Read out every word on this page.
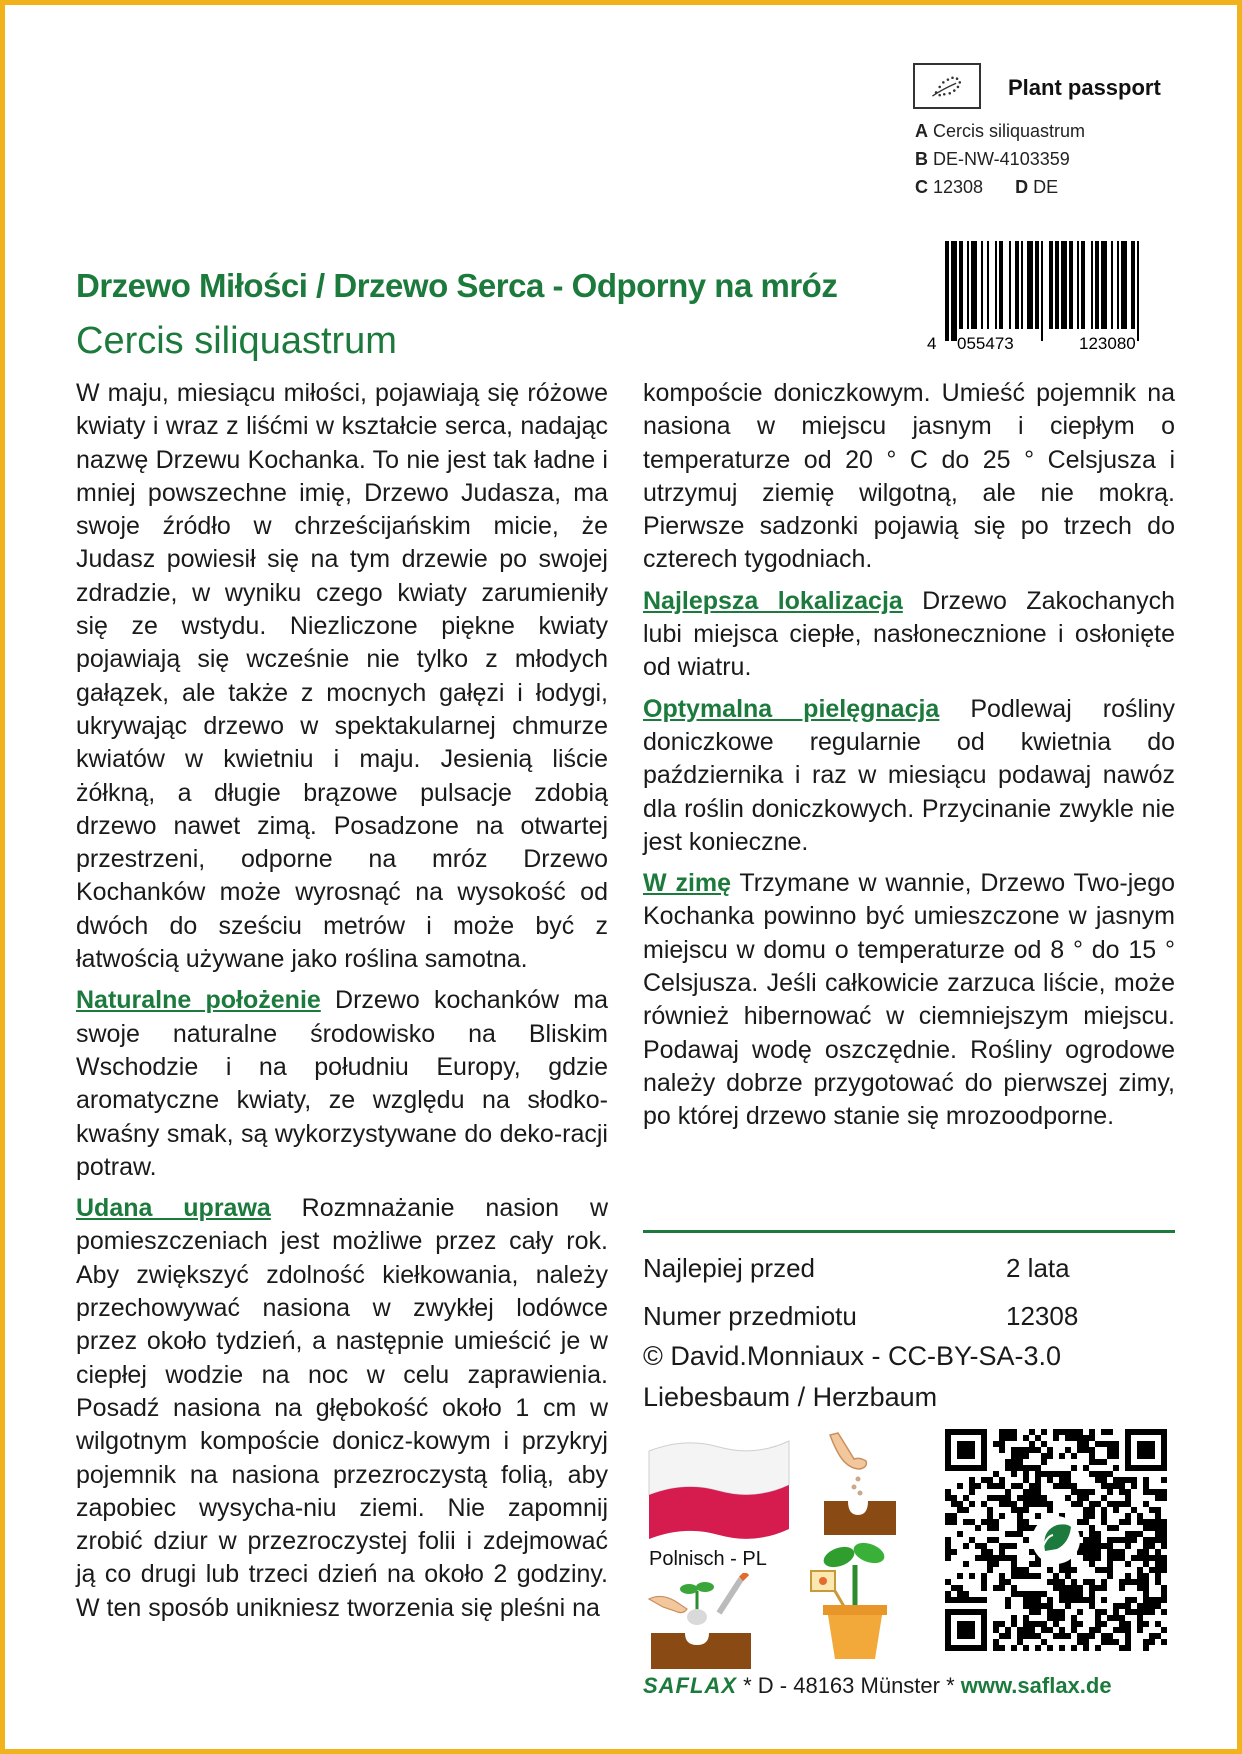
Plant passport
A Cercis siliquastrum
B DE-NW-4103359
C 12308 D DE
4 055473	123080
Drzewo Miłości / Drzewo Serca - Odporny na mróz
Cercis siliquastrum

W maju, miesiącu miłości, pojawiają się różowe kwiaty i wraz z liśćmi w kształcie serca, nadając nazwę Drzewu Kochanka. To nie jest tak ładne i mniej powszechne imię, Drzewo Judasza, ma swoje źródło w chrześcijańskim micie, że Judasz powiesił się na tym drzewie po swojej zdradzie, w wyniku czego kwiaty zarumieniły się ze wstydu. Niezliczone piękne kwiaty pojawiają się wcześnie nie tylko z młodych gałązek, ale także z mocnych gałęzi i łodygi, ukrywając drzewo w spektakularnej chmurze kwiatów w kwietniu i maju. Jesienią liście żółkną, a długie brązowe pulsacje zdobią drzewo nawet zimą. Posadzone na otwartej przestrzeni, odporne na mróz Drzewo Kochanków może wyrosnąć na wysokość od dwóch do sześciu metrów i może być z łatwością używane jako roślina samotna.

Naturalne położenie Drzewo kochanków ma swoje naturalne środowisko na Bliskim Wschodzie i na południu Europy, gdzie aromatyczne kwiaty, ze względu na słodko-kwaśny smak, są wykorzystywane do deko-racji potraw.

Udana uprawa Rozmnażanie nasion w pomieszczeniach jest możliwe przez cały rok. Aby zwiększyć zdolność kiełkowania, należy przechowywać nasiona w zwykłej lodówce przez około tydzień, a następnie umieścić je w ciepłej wodzie na noc w celu zaprawienia. Posadź nasiona na głębokość około 1 cm w wilgotnym kompoście donicz-kowym i przykryj pojemnik na nasiona przezroczystą folią, aby zapobiec wysycha-niu ziemi. Nie zapomnij zrobić dziur w przezroczystej folii i zdejmować ją co drugi lub trzeci dzień na około 2 godziny. W ten sposób unikniesz tworzenia się pleśni na

kompoście doniczkowym. Umieść pojemnik na nasiona w miejscu jasnym i ciepłym o temperaturze od 20 ° C do 25 ° Celsjusza i utrzymuj ziemię wilgotną, ale nie mokrą. Pierwsze sadzonki pojawią się po trzech do czterech tygodniach.

Najlepsza lokalizacja Drzewo Zakochanych lubi miejsca ciepłe, nasłonecznione i osłonięte od wiatru.

Optymalna pielęgnacja Podlewaj rośliny doniczkowe regularnie od kwietnia do października i raz w miesiącu podawaj nawóz dla roślin doniczkowych. Przycinanie zwykle nie jest konieczne.

W zimę Trzymane w wannie, Drzewo Two-jego Kochanka powinno być umieszczone w jasnym miejscu w domu o temperaturze od 8 ° do 15 ° Celsjusza. Jeśli całkowicie zarzuca liście, może również hibernować w ciemniejszym miejscu. Podawaj wodę oszczędnie. Rośliny ogrodowe należy dobrze przygotować do pierwszej zimy, po której drzewo stanie się mrozoodporne.

Najlepiej przed	2 lata
Numer przedmiotu	12308
© David.Monniaux - CC-BY-SA-3.0
Liebesbaum / Herzbaum
Polnisch - PL
SAFLAX * D - 48163 Münster * www.saflax.de
